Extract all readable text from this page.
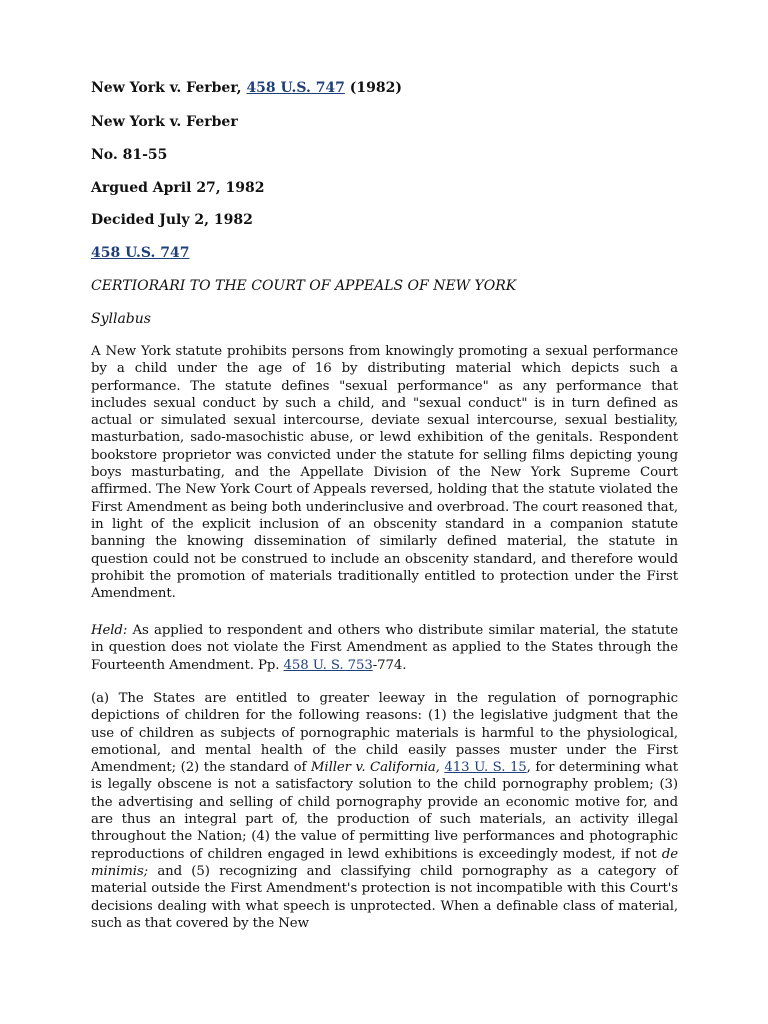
New York v. Ferber, 458 U.S. 747 (1982)

New York v. Ferber

No. 81-55

Argued April 27, 1982

Decided July 2, 1982

458 U.S. 747

CERTIORARI TO THE COURT OF APPEALS OF NEW YORK

Syllabus

A New York statute prohibits persons from knowingly promoting a sexual performance by a child under the age of 16 by distributing material which depicts such a performance. The statute defines "sexual performance" as any performance that includes sexual conduct by such a child, and "sexual conduct" is in turn defined as actual or simulated sexual intercourse, deviate sexual intercourse, sexual bestiality, masturbation, sado-masochistic abuse, or lewd exhibition of the genitals. Respondent bookstore proprietor was convicted under the statute for selling films depicting young boys masturbating, and the Appellate Division of the New York Supreme Court affirmed. The New York Court of Appeals reversed, holding that the statute violated the First Amendment as being both underinclusive and overbroad. The court reasoned that, in light of the explicit inclusion of an obscenity standard in a companion statute banning the knowing dissemination of similarly defined material, the statute in question could not be construed to include an obscenity standard, and therefore would prohibit the promotion of materials traditionally entitled to protection under the First Amendment.

Held: As applied to respondent and others who distribute similar material, the statute in question does not violate the First Amendment as applied to the States through the Fourteenth Amendment. Pp. 458 U. S. 753-774.

(a) The States are entitled to greater leeway in the regulation of pornographic depictions of children for the following reasons: (1) the legislative judgment that the use of children as subjects of pornographic materials is harmful to the physiological, emotional, and mental health of the child easily passes muster under the First Amendment; (2) the standard of Miller v. California, 413 U. S. 15, for determining what is legally obscene is not a satisfactory solution to the child pornography problem; (3) the advertising and selling of child pornography provide an economic motive for, and are thus an integral part of, the production of such materials, an activity illegal throughout the Nation; (4) the value of permitting live performances and photographic reproductions of children engaged in lewd exhibitions is exceedingly modest, if not de minimis; and (5) recognizing and classifying child pornography as a category of material outside the First Amendment's protection is not incompatible with this Court's decisions dealing with what speech is unprotected. When a definable class of material, such as that covered by the New
